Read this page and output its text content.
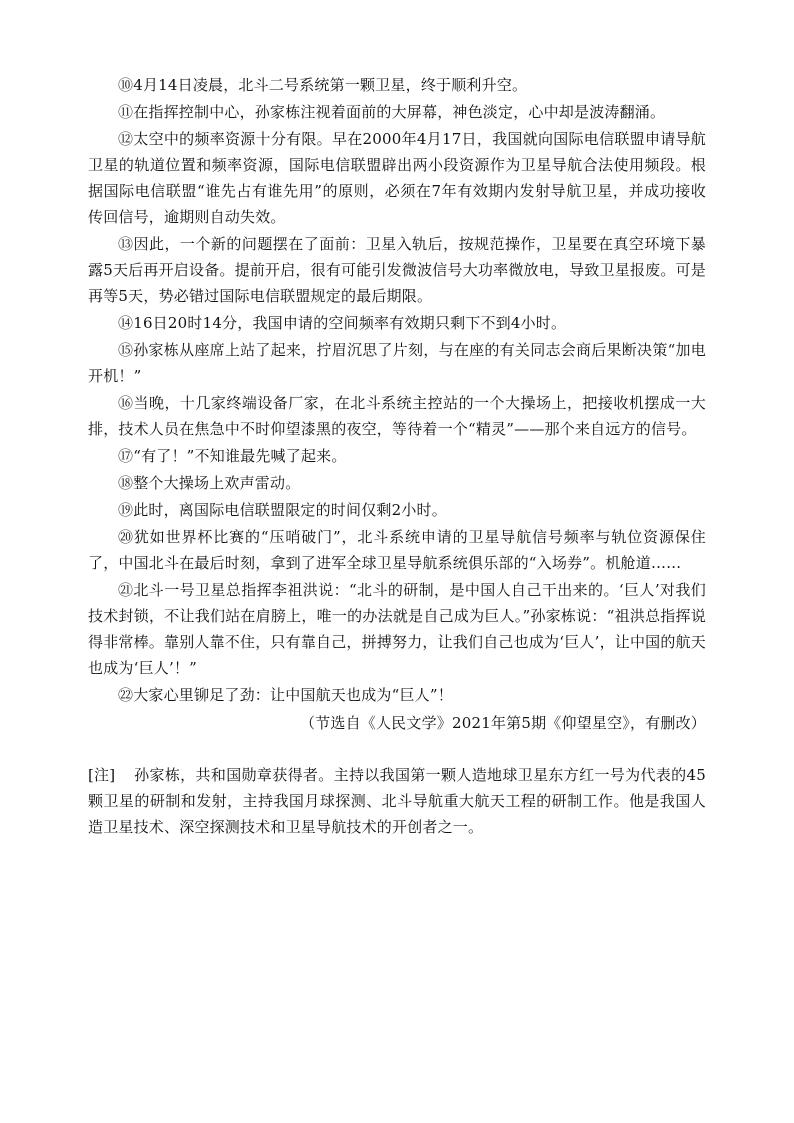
⑩4月14日凌晨，北斗二号系统第一颗卫星，终于顺利升空。

⑪在指挥控制中心，孙家栋注视着面前的大屏幕，神色淡定，心中却是波涛翻涌。

⑫太空中的频率资源十分有限。早在2000年4月17日，我国就向国际电信联盟申请导航卫星的轨道位置和频率资源，国际电信联盟辟出两小段资源作为卫星导航合法使用频段。根据国际电信联盟“谁先占有谁先用”的原则，必须在7年有效期内发射导航卫星，并成功接收传回信号，逾期则自动失效。

⑬因此，一个新的问题摆在了面前：卫星入轨后，按规范操作，卫星要在真空环境下暴露5天后再开启设备。提前开启，很有可能引发微波信号大功率微放电，导致卫星报废。可是再等5天，势必错过国际电信联盟规定的最后期限。

⑭16日20时14分，我国申请的空间频率有效期只剩下不到4小时。

⑮孙家栋从座席上站了起来，拧眉沉思了片刻，与在座的有关同志会商后果断决策“加电开机！”

⑯当晚，十几家终端设备厂家，在北斗系统主控站的一个大操场上，把接收机摆成一大排，技术人员在焦急中不时仰望漆黑的夜空，等待着一个“精灵”——那个来自远方的信号。

⑰“有了！”不知谁最先喊了起来。

⑱整个大操场上欢声雷动。

⑲此时，离国际电信联盟限定的时间仅剩2小时。

⑳犹如世界杯比赛的“压哨破门”，北斗系统申请的卫星导航信号频率与轨位资源保住了，中国北斗在最后时刻，拿到了进军全球卫星导航系统俱乐部的“入场券”。机舱道……

㉑北斗一号卫星总指挥李祖洪说：“北斗的研制，是中国人自己干出来的。‘巨人’对我们技术封锁，不让我们站在肩膀上，唯一的办法就是自己成为巨人。”孙家栋说：“祖洪总指挥说得非常棒。靠别人靠不住，只有靠自己，拼搏努力，让我们自己也成为‘巨人’，让中国的航天也成为‘巨人’！”

㉒大家心里铆足了劲：让中国航天也成为“巨人”！

（节选自《人民文学》2021年第5期《仰望星空》，有删改）

[注] 孙家栋，共和国勋章获得者。主持以我国第一颗人造地球卫星东方红一号为代表的45颗卫星的研制和发射，主持我国月球探测、北斗导航重大航天工程的研制工作。他是我国人造卫星技术、深空探测技术和卫星导航技术的开创者之一。
